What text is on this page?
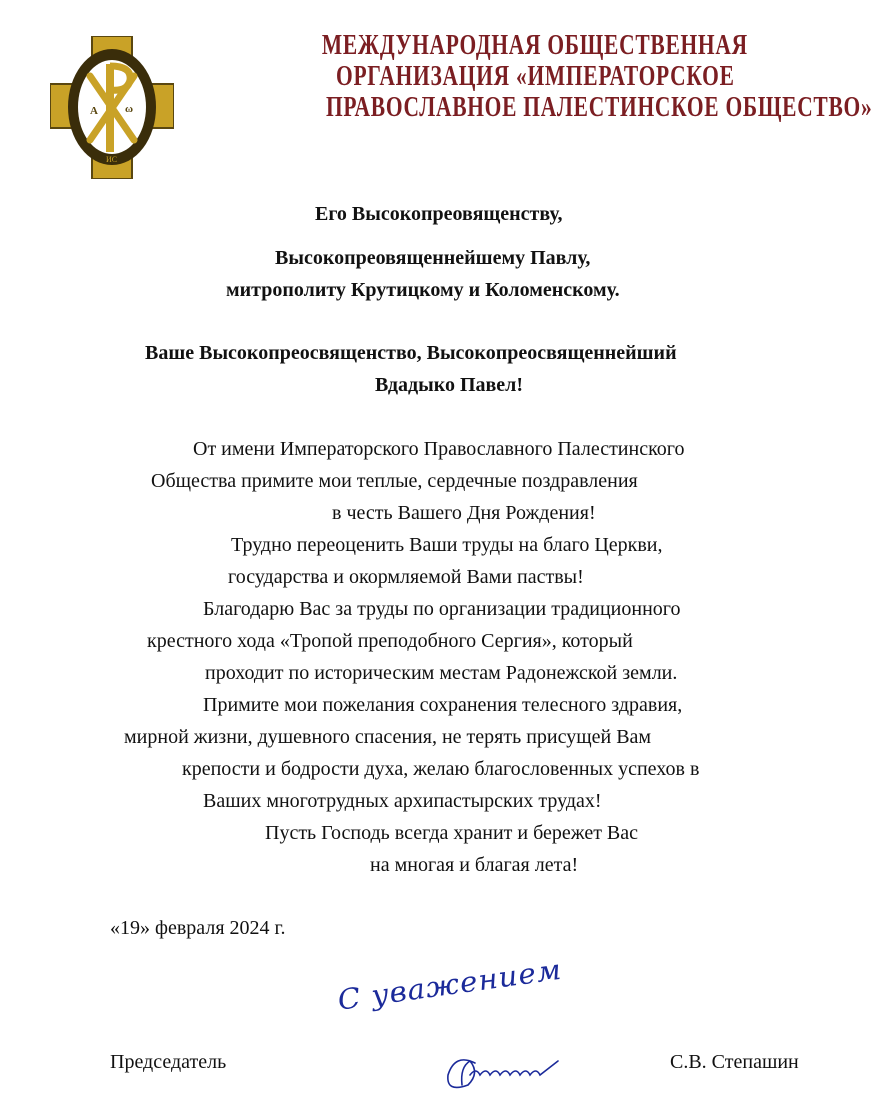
А ω
ИС
МЕЖДУНАРОДНАЯ ОБЩЕСТВЕННАЯ
ОРГАНИЗАЦИЯ «ИМПЕРАТОРСКОЕ
ПРАВОСЛАВНОЕ ПАЛЕСТИНСКОЕ ОБЩЕСТВО»
Его Высокопреовященству,
Высокопреовященнейшему Павлу,
митрополиту Крутицкому и Коломенскому.
Ваше Высокопреосвященство, Высокопреосвященнейший
Вдадыко Павел!
От имени Императорского Православного Палестинского
Общества примите мои теплые, сердечные поздравления
в честь Вашего Дня Рождения!
Трудно переоценить Ваши труды на благо Церкви,
государства и окормляемой Вами паствы!
Благодарю Вас за труды по организации традиционного
крестного хода «Тропой преподобного Сергия», который
проходит по историческим местам Радонежской земли.
Примите мои пожелания сохранения телесного здравия,
мирной жизни, душевного спасения, не терять присущей Вам
крепости и бодрости духа, желаю благословенных успехов в
Ваших многотрудных архипастырских трудах!
Пусть Господь всегда хранит и бережет Вас
на многая и благая лета!
«19» февраля 2024 г.
С уважением
Председатель	С.В. Степашин
